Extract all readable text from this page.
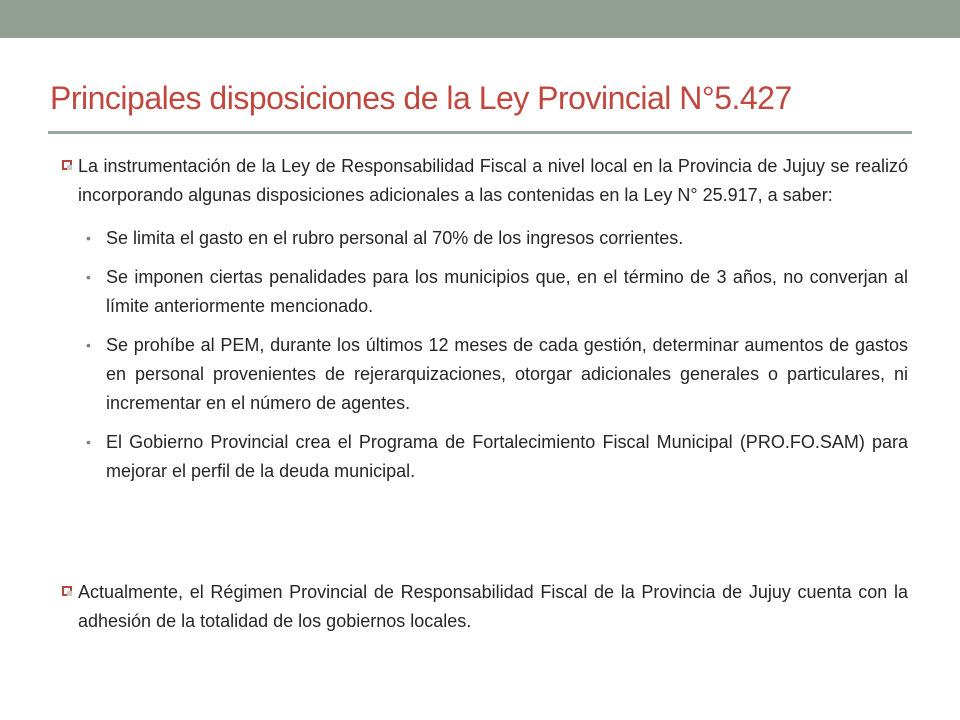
Principales disposiciones de la Ley Provincial N°5.427
La instrumentación de la Ley de Responsabilidad Fiscal a nivel local en la Provincia de Jujuy se realizó incorporando algunas disposiciones adicionales a las contenidas en la Ley N° 25.917, a saber:
• Se limita el gasto en el rubro personal al 70% de los ingresos corrientes.
• Se imponen ciertas penalidades para los municipios que, en el término de 3 años, no converjan al límite anteriormente mencionado.
• Se prohíbe al PEM, durante los últimos 12 meses de cada gestión, determinar aumentos de gastos en personal provenientes de rejerarquizaciones, otorgar adicionales generales o particulares, ni incrementar en el número de agentes.
• El Gobierno Provincial crea el Programa de Fortalecimiento Fiscal Municipal (PRO.FO.SAM) para mejorar el perfil de la deuda municipal.
Actualmente, el Régimen Provincial de Responsabilidad Fiscal de la Provincia de Jujuy cuenta con la adhesión de la totalidad de los gobiernos locales.
